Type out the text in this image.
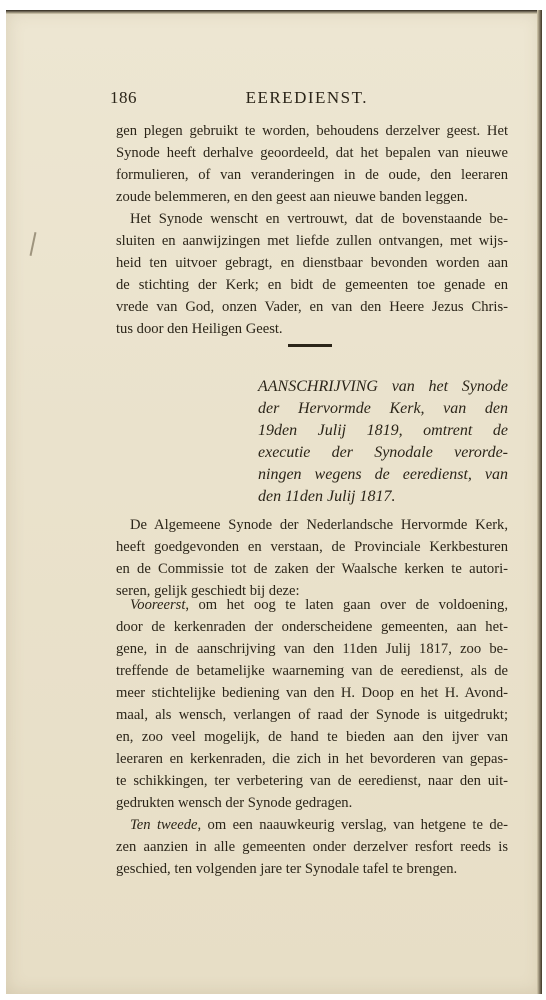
186	EEREDIENST.
gen plegen gebruikt te worden, behoudens derzelver geest. Het
Synode heeft derhalve geoordeeld, dat het bepalen van nieuwe
formulieren, of van veranderingen in de oude, den leeraren
zoude belemmeren, en den geest aan nieuwe banden leggen.
Het Synode wenscht en vertrouwt, dat de bovenstaande be-
sluiten en aanwijzingen met liefde zullen ontvangen, met wijs-
heid ten uitvoer gebragt, en dienstbaar bevonden worden aan
de stichting der Kerk; en bidt de gemeenten toe genade en
vrede van God, onzen Vader, en van den Heere Jezus Chris-
tus door den Heiligen Geest.
AANSCHRIJVING van het Synode
der Hervormde Kerk, van den
19den Julij 1819, omtrent de
executie der Synodale verorde-
ningen wegens de eeredienst, van
den 11den Julij 1817.
De Algemeene Synode der Nederlandsche Hervormde Kerk,
heeft goedgevonden en verstaan, de Provinciale Kerkbesturen
en de Commissie tot de zaken der Waalsche kerken te autori-
seren, gelijk geschiedt bij deze:
Vooreerst, om het oog te laten gaan over de voldoening,
door de kerkenraden der onderscheidene gemeenten, aan het-
gene, in de aanschrijving van den 11den Julij 1817, zoo be-
treffende de betamelijke waarneming van de eeredienst, als de
meer stichtelijke bediening van den H. Doop en het H. Avond-
maal, als wensch, verlangen of raad der Synode is uitgedrukt;
en, zoo veel mogelijk, de hand te bieden aan den ijver van
leeraren en kerkenraden, die zich in het bevorderen van gepas-
te schikkingen, ter verbetering van de eeredienst, naar den uit-
gedrukten wensch der Synode gedragen.
Ten tweede, om een naauwkeurig verslag, van hetgene te de-
zen aanzien in alle gemeenten onder derzelver resfort reeds is
geschied, ten volgenden jare ter Synodale tafel te brengen.
